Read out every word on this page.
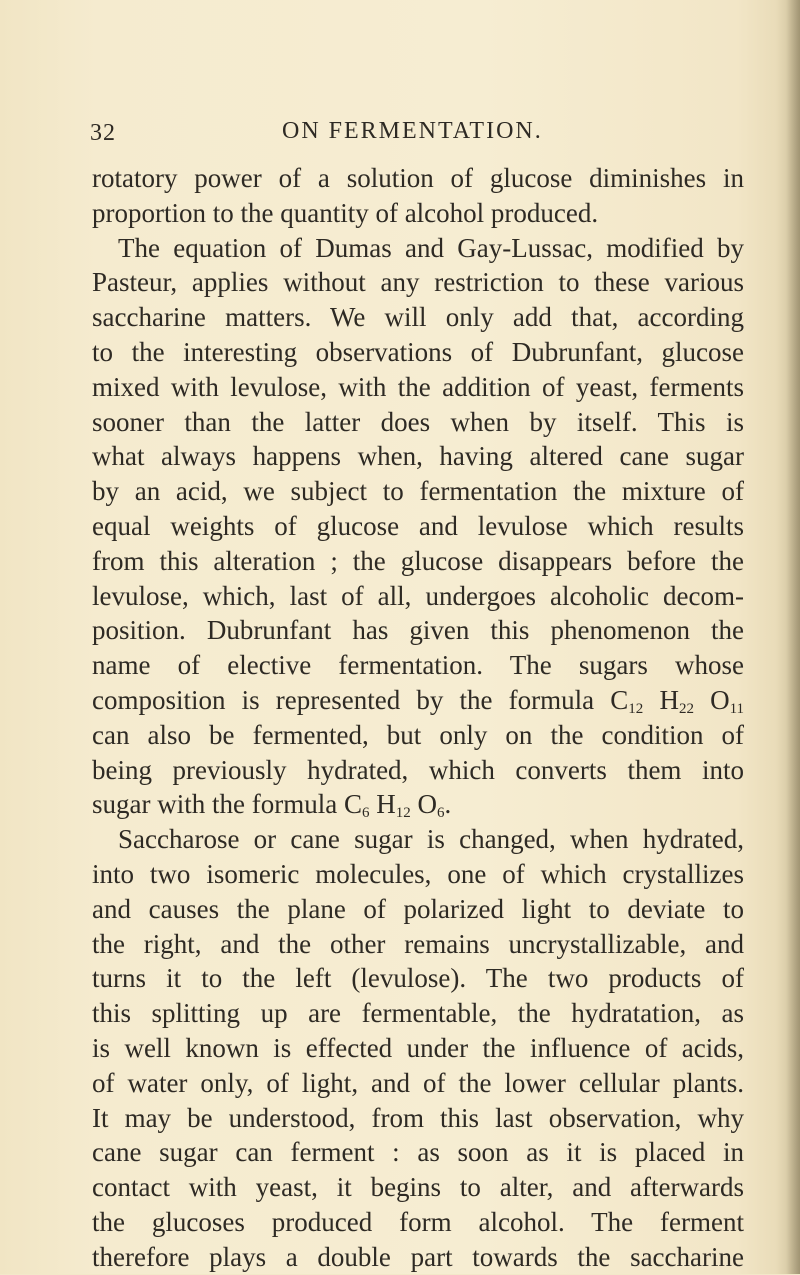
32	ON FERMENTATION.
rotatory power of a solution of glucose diminishes in
proportion to the quantity of alcohol produced.
The equation of Dumas and Gay-Lussac, modified by
Pasteur, applies without any restriction to these various
saccharine matters. We will only add that, according
to the interesting observations of Dubrunfant, glucose
mixed with levulose, with the addition of yeast, ferments
sooner than the latter does when by itself. This is
what always happens when, having altered cane sugar
by an acid, we subject to fermentation the mixture of
equal weights of glucose and levulose which results
from this alteration ; the glucose disappears before the
levulose, which, last of all, undergoes alcoholic decom-
position. Dubrunfant has given this phenomenon the
name of elective fermentation. The sugars whose
composition is represented by the formula $C_{12}$ $H_{22}$ $O_{11}$
can also be fermented, but only on the condition of
being previously hydrated, which converts them into
sugar with the formula $C_6$ $H_{12}$ $O_6$.
Saccharose or cane sugar is changed, when hydrated,
into two isomeric molecules, one of which crystallizes
and causes the plane of polarized light to deviate to
the right, and the other remains uncrystallizable, and
turns it to the left (levulose). The two products of
this splitting up are fermentable, the hydratation, as
is well known is effected under the influence of acids,
of water only, of light, and of the lower cellular plants.
It may be understood, from this last observation, why
cane sugar can ferment : as soon as it is placed in
contact with yeast, it begins to alter, and afterwards
the glucoses produced form alcohol. The ferment
therefore plays a double part towards the saccharine
